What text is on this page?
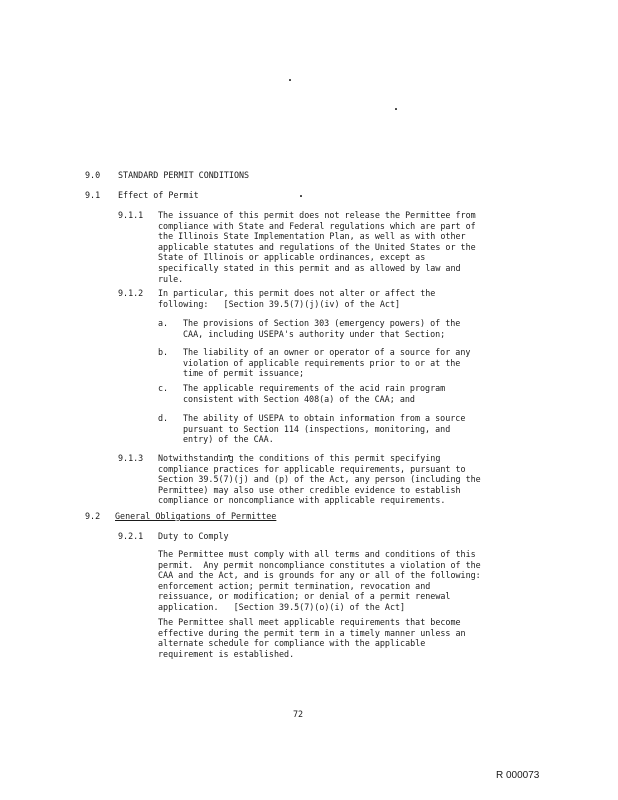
9.0 STANDARD PERMIT CONDITIONS
9.1 Effect of Permit
9.1.1 The issuance of this permit does not release the Permittee from
compliance with State and Federal regulations which are part of
the Illinois State Implementation Plan, as well as with other
applicable statutes and regulations of the United States or the
State of Illinois or applicable ordinances, except as
specifically stated in this permit and as allowed by law and
rule.
9.1.2 In particular, this permit does not alter or affect the
following:   [Section 39.5(7)(j)(iv) of the Act]
a. The provisions of Section 303 (emergency powers) of the
CAA, including USEPA's authority under that Section;
b. The liability of an owner or operator of a source for any
violation of applicable requirements prior to or at the
time of permit issuance;
c. The applicable requirements of the acid rain program
consistent with Section 408(a) of the CAA; and
d. The ability of USEPA to obtain information from a source
pursuant to Section 114 (inspections, monitoring, and
entry) of the CAA.
9.1.3 Notwithstanding the conditions of this permit specifying
compliance practices for applicable requirements, pursuant to
Section 39.5(7)(j) and (p) of the Act, any person (including the
Permittee) may also use other credible evidence to establish
compliance or noncompliance with applicable requirements.
9.2 General Obligations of Permittee
9.2.1 Duty to Comply
The Permittee must comply with all terms and conditions of this
permit.  Any permit noncompliance constitutes a violation of the
CAA and the Act, and is grounds for any or all of the following:
enforcement action; permit termination, revocation and
reissuance, or modification; or denial of a permit renewal
application.   [Section 39.5(7)(o)(i) of the Act]
The Permittee shall meet applicable requirements that become
effective during the permit term in a timely manner unless an
alternate schedule for compliance with the applicable
requirement is established.
72
R 000073
